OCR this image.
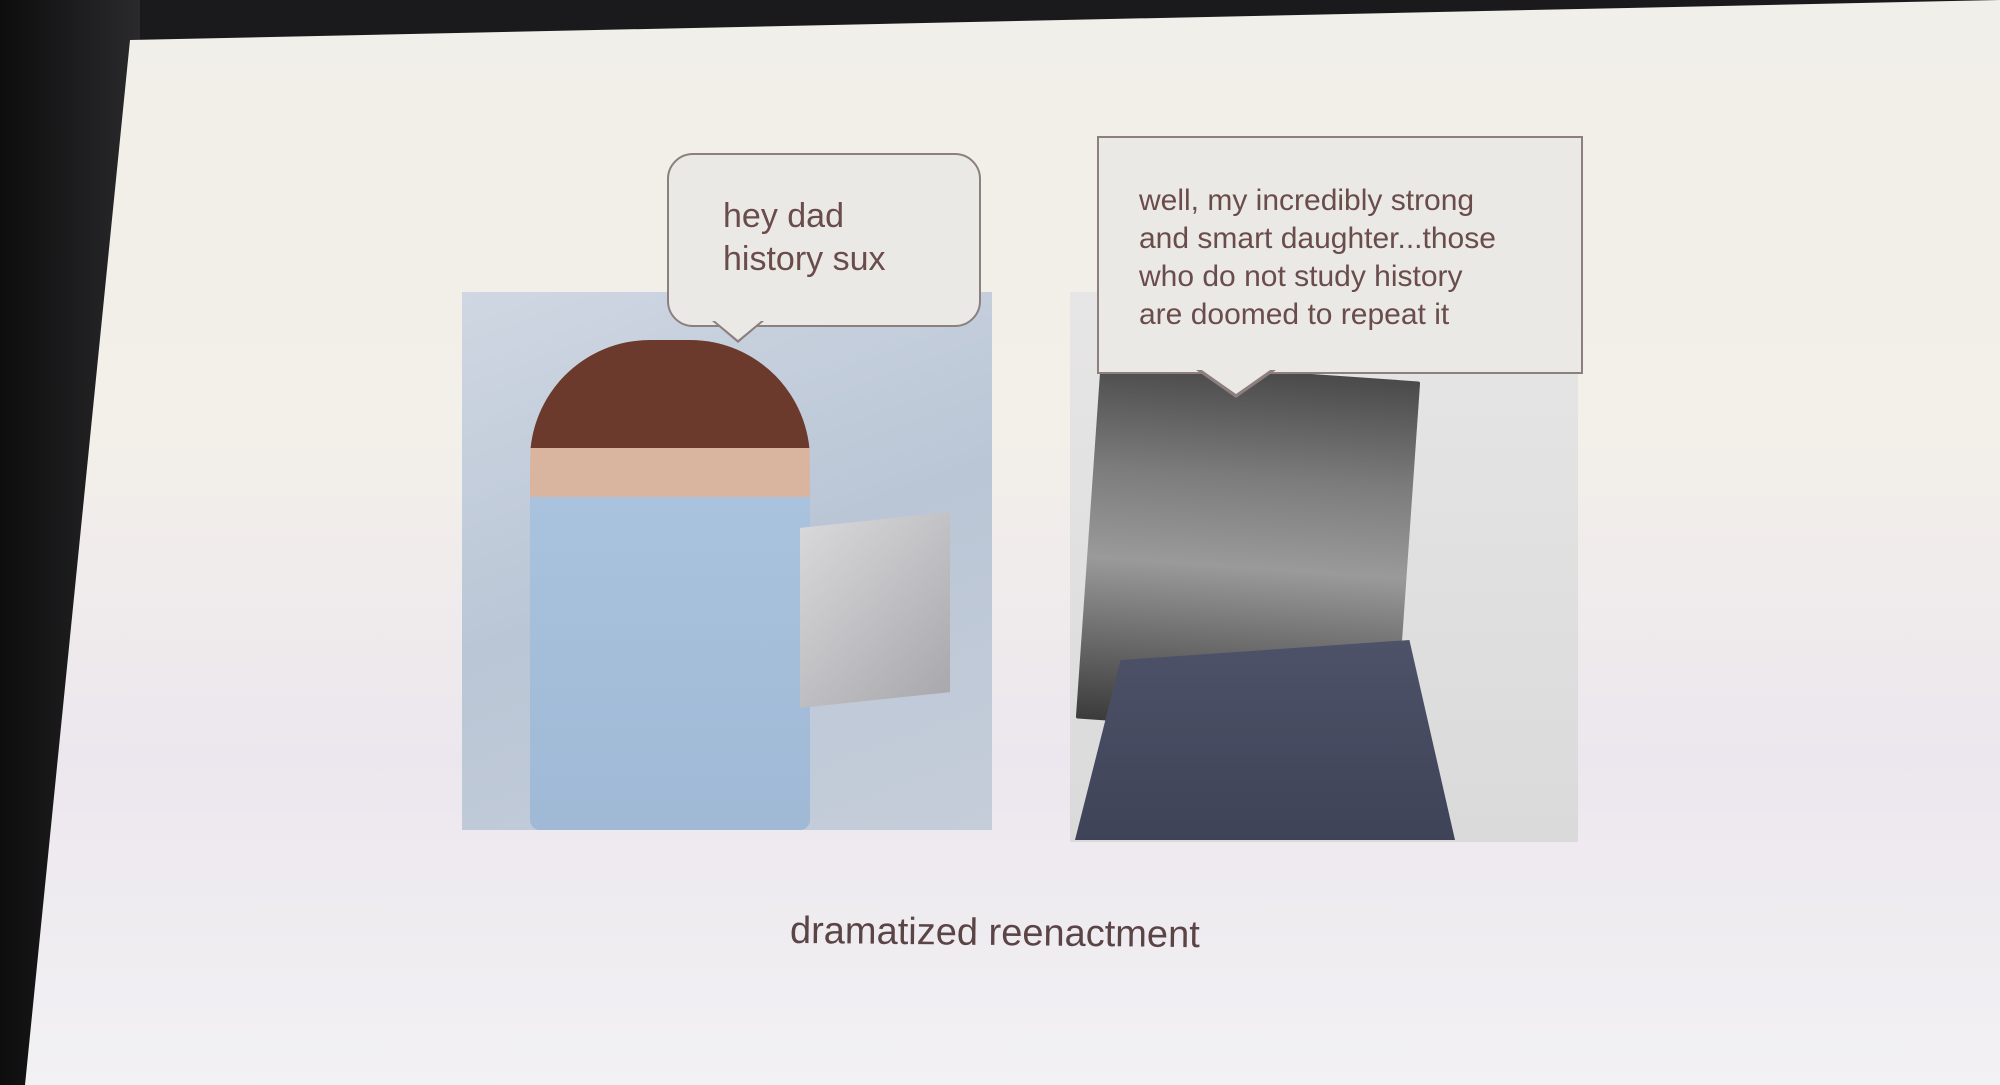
hey dad
history sux
well, my incredibly strong
and smart daughter...those
who do not study history
are doomed to repeat it
dramatized reenactment
